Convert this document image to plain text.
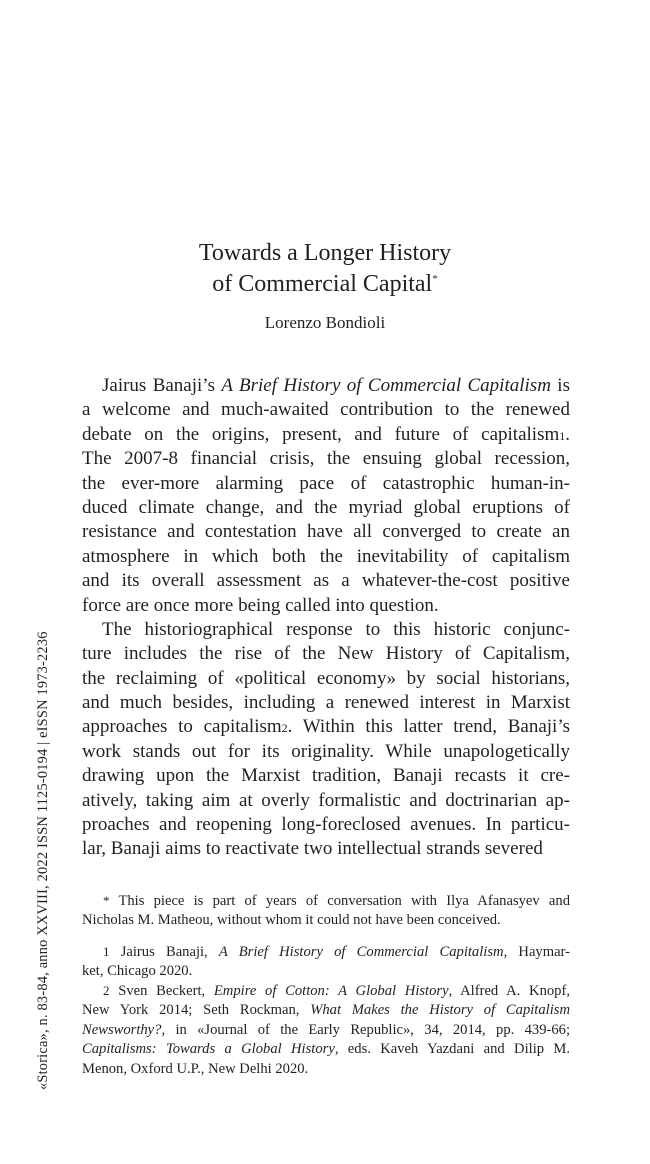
Towards a Longer History
of Commercial Capital*
Lorenzo Bondioli
Jairus Banaji’s A Brief History of Commercial Capitalism is
a welcome and much-awaited contribution to the renewed
debate on the origins, present, and future of capitalism1.
The 2007-8 financial crisis, the ensuing global recession,
the ever-more alarming pace of catastrophic human-in-
duced climate change, and the myriad global eruptions of
resistance and contestation have all converged to create an
atmosphere in which both the inevitability of capitalism
and its overall assessment as a whatever-the-cost positive
force are once more being called into question.
The historiographical response to this historic conjunc-
ture includes the rise of the New History of Capitalism,
the reclaiming of «political economy» by social historians,
and much besides, including a renewed interest in Marxist
approaches to capitalism2. Within this latter trend, Banaji’s
work stands out for its originality. While unapologetically
drawing upon the Marxist tradition, Banaji recasts it cre-
atively, taking aim at overly formalistic and doctrinarian ap-
proaches and reopening long-foreclosed avenues. In particu-
lar, Banaji aims to reactivate two intellectual strands severed
* This piece is part of years of conversation with Ilya Afanasyev and
Nicholas M. Matheou, without whom it could not have been conceived.
1 Jairus Banaji, A Brief History of Commercial Capitalism, Haymar-
ket, Chicago 2020.
2 Sven Beckert, Empire of Cotton: A Global History, Alfred A. Knopf,
New York 2014; Seth Rockman, What Makes the History of Capitalism
Newsworthy?, in «Journal of the Early Republic», 34, 2014, pp. 439-66;
Capitalisms: Towards a Global History, eds. Kaveh Yazdani and Dilip M.
Menon, Oxford U.P., New Delhi 2020.
«Storica», n. 83-84, anno XXVIII, 2022 ISSN 1125-0194 | eISSN 1973-2236
